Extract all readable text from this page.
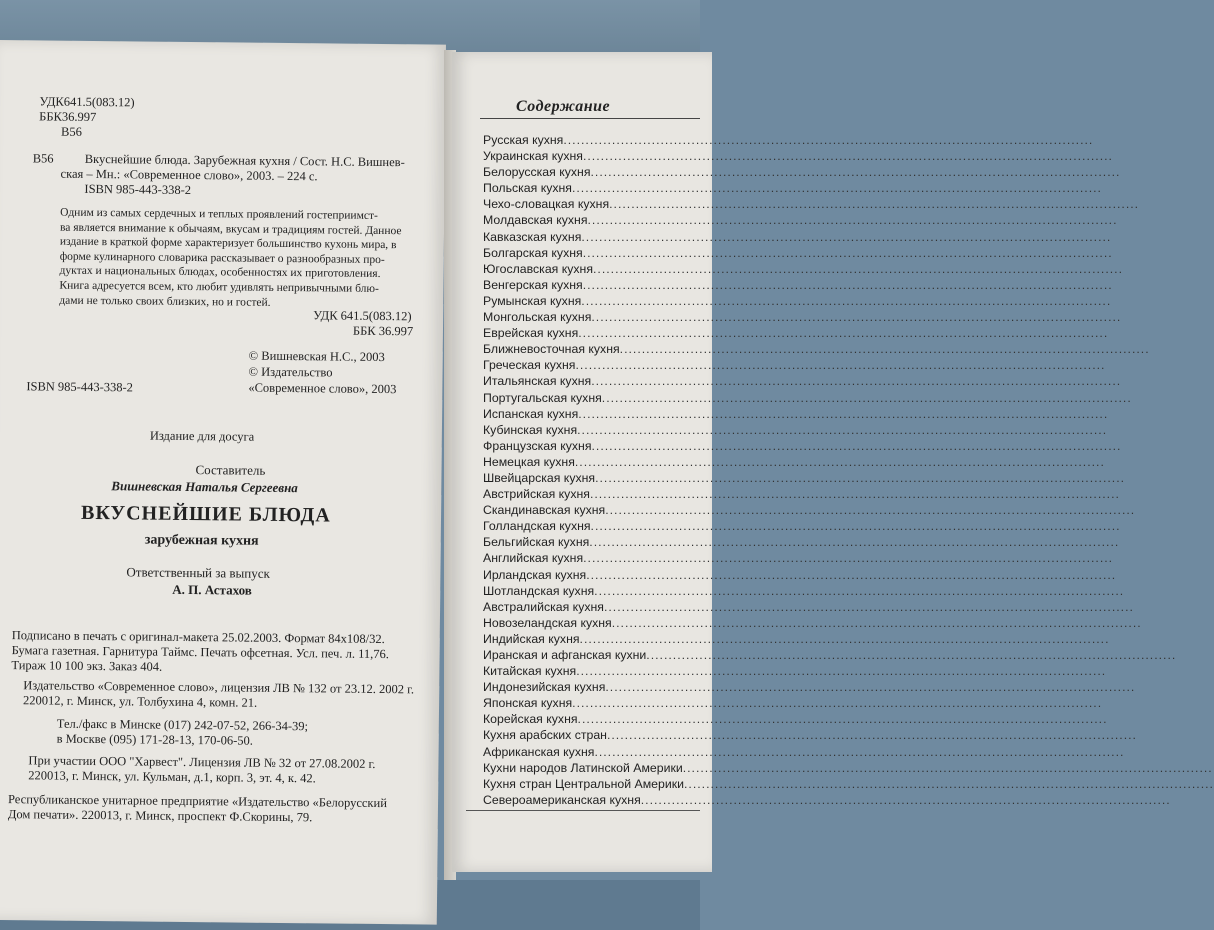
УДК641.5(083.12)
ББК36.997
В56
В56 Вкуснейшие блюда. Зарубежная кухня / Сост. Н.С. Вишнев-
ская – Мн.: «Современное слово», 2003. – 224 с.
ISBN 985-443-338-2
Одним из самых сердечных и теплых проявлений гостеприимст-
ва является внимание к обычаям, вкусам и традициям гостей. Данное
издание в краткой форме характеризует большинство кухонь мира, в
форме кулинарного словарика рассказывает о разнообразных про-
дуктах и национальных блюдах, особенностях их приготовления.
Книга адресуется всем, кто любит удивлять непривычными блю-
дами не только своих близких, но и гостей.
УДК 641.5(083.12)
ББК 36.997
© Вишневская Н.С., 2003
© Издательство
«Современное слово», 2003
ISBN 985-443-338-2
Издание для досуга
Составитель
Вишневская Наталья Сергеевна
ВКУСНЕЙШИЕ БЛЮДА
зарубежная кухня
Ответственный за выпуск
А. П. Астахов
Подписано в печать с оригинал-макета 25.02.2003. Формат 84х108/32.
Бумага газетная. Гарнитура Таймс. Печать офсетная. Усл. печ. л. 11,76.
Тираж 10 100 экз. Заказ 404.
Издательство «Современное слово», лицензия ЛВ № 132 от 23.12. 2002 г.
220012, г. Минск, ул. Толбухина 4, комн. 21.
Тел./факс в Минске (017) 242-07-52, 266-34-39;
в Москве (095) 171-28-13, 170-06-50.
При участии ООО "Харвест". Лицензия ЛВ № 32 от 27.08.2002 г.
220013, г. Минск, ул. Кульман, д.1, корп. 3, эт. 4, к. 42.
Республиканское унитарное предприятие «Издательство «Белорусский
Дом печати». 220013, г. Минск, проспект Ф.Скорины, 79.
Содержание
Русская кухня ........................................................................................................................
Украинская кухня ........................................................................................................................
Белорусская кухня ........................................................................................................................
Польская кухня ........................................................................................................................
Чехо-словацкая кухня ........................................................................................................................
Молдавская кухня ........................................................................................................................
Кавказская кухня ........................................................................................................................
Болгарская кухня ........................................................................................................................
Югославская кухня ........................................................................................................................
Венгерская кухня ........................................................................................................................
Румынская кухня ........................................................................................................................
Монгольская кухня ........................................................................................................................
Еврейская кухня ........................................................................................................................
Ближневосточная кухня ........................................................................................................................
Греческая кухня ........................................................................................................................
Итальянская кухня ........................................................................................................................
Португальская кухня ........................................................................................................................
Испанская кухня ........................................................................................................................
Кубинская кухня ........................................................................................................................
Французская кухня ........................................................................................................................
Немецкая кухня ........................................................................................................................
Швейцарская кухня ........................................................................................................................
Австрийская кухня ........................................................................................................................
Скандинавская кухня ........................................................................................................................
Голландская кухня ........................................................................................................................
Бельгийская кухня ........................................................................................................................
Английская кухня ........................................................................................................................
Ирландская кухня ........................................................................................................................
Шотландская кухня ........................................................................................................................
Австралийская кухня ........................................................................................................................
Новозеландская кухня ........................................................................................................................
Индийская кухня ........................................................................................................................
Иранская и афганская кухни ........................................................................................................................
Китайская кухня ........................................................................................................................
Индонезийская кухня ........................................................................................................................
Японская кухня ........................................................................................................................
Корейская кухня ........................................................................................................................
Кухня арабских стран ........................................................................................................................
Африканская кухня ........................................................................................................................
Кухни народов Латинской Америки ........................................................................................................................
Кухня стран Центральной Америки ........................................................................................................................
Североамериканская кухня ........................................................................................................................
